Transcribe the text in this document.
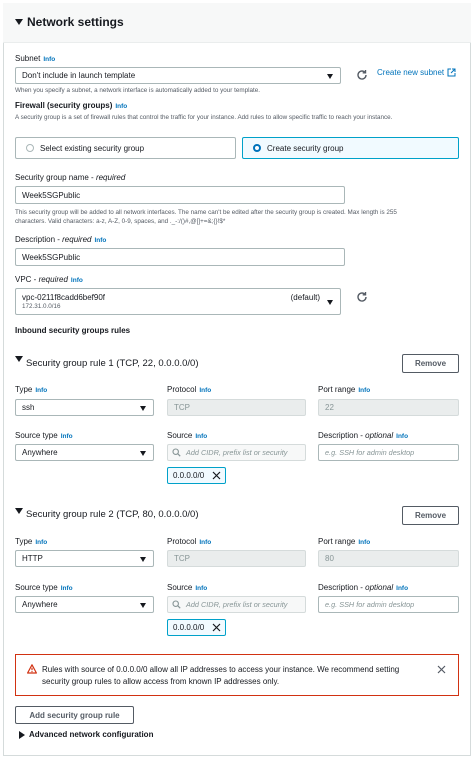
Network settings
Subnet Info
Don't include in launch template	Create new subnet
When you specify a subnet, a network interface is automatically added to your template.
Firewall (security groups) Info
A security group is a set of firewall rules that control the traffic for your instance. Add rules to allow specific traffic to reach your instance.
Select existing security group	Create security group
Security group name - required
Week5SGPublic
This security group will be added to all network interfaces. The name can't be edited after the security group is created. Max length is 255
characters. Valid characters: a-z, A-Z, 0-9, spaces, and ._-:/()#,@[]+=&;{}!$*
Description - required Info
Week5SGPublic
VPC - required Info
vpc-0211f8cadd6bef90f
172.31.0.0/16
(default)
Inbound security groups rules
Security group rule 1 (TCP, 22, 0.0.0.0/0)	Remove
Type Info
ssh
Protocol Info
TCP
Port range Info
22
Source type Info
Anywhere
Source Info
Add CIDR, prefix list or security
0.0.0.0/0
Description - optional Info
e.g. SSH for admin desktop
Security group rule 2 (TCP, 80, 0.0.0.0/0)	Remove
Type Info
HTTP
Protocol Info
TCP
Port range Info
80
Source type Info
Anywhere
Source Info
Add CIDR, prefix list or security
0.0.0.0/0
Description - optional Info
e.g. SSH for admin desktop
Rules with source of 0.0.0.0/0 allow all IP addresses to access your instance. We recommend setting
security group rules to allow access from known IP addresses only.
Add security group rule
Advanced network configuration
